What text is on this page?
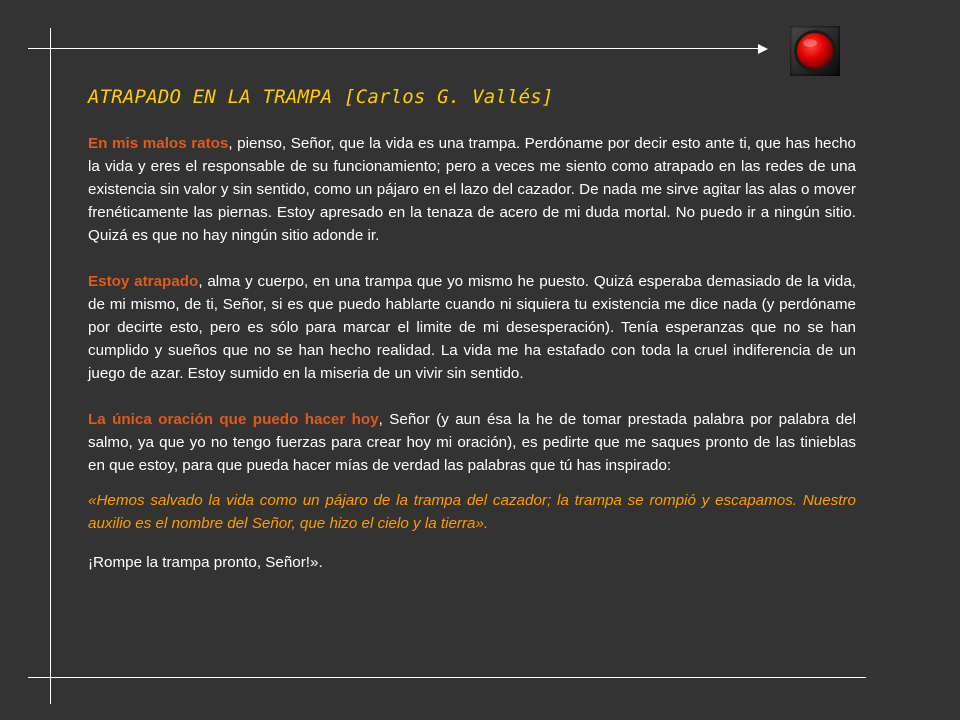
ATRAPADO EN LA TRAMPA [Carlos G. Vallés]

En mis malos ratos, pienso, Señor, que la vida es una trampa. Perdóname por decir esto ante ti, que has hecho la vida y eres el responsable de su funcionamiento; pero a veces me siento como atrapado en las redes de una existencia sin valor y sin sentido, como un pájaro en el lazo del cazador. De nada me sirve agitar las alas o mover frenéticamente las piernas. Estoy apresado en la tenaza de acero de mi duda mortal. No puedo ir a ningún sitio. Quizá es que no hay ningún sitio adonde ir.

Estoy atrapado, alma y cuerpo, en una trampa que yo mismo he puesto. Quizá esperaba demasiado de la vida, de mi mismo, de ti, Señor, si es que puedo hablarte cuando ni siquiera tu existencia me dice nada (y perdóname por decirte esto, pero es sólo para marcar el limite de mi desesperación). Tenía esperanzas que no se han cumplido y sueños que no se han hecho realidad. La vida me ha estafado con toda la cruel indiferencia de un juego de azar. Estoy sumido en la miseria de un vivir sin sentido.

La única oración que puedo hacer hoy, Señor (y aun ésa la he de tomar prestada palabra por palabra del salmo, ya que yo no tengo fuerzas para crear hoy mi oración), es pedirte que me saques pronto de las tinieblas en que estoy, para que pueda hacer mías de verdad las palabras que tú has inspirado:

«Hemos salvado la vida como un pájaro de la trampa del cazador; la trampa se rompió y escapamos. Nuestro auxilio es el nombre del Señor, que hizo el cielo y la tierra».

¡Rompe la trampa pronto, Señor!».
